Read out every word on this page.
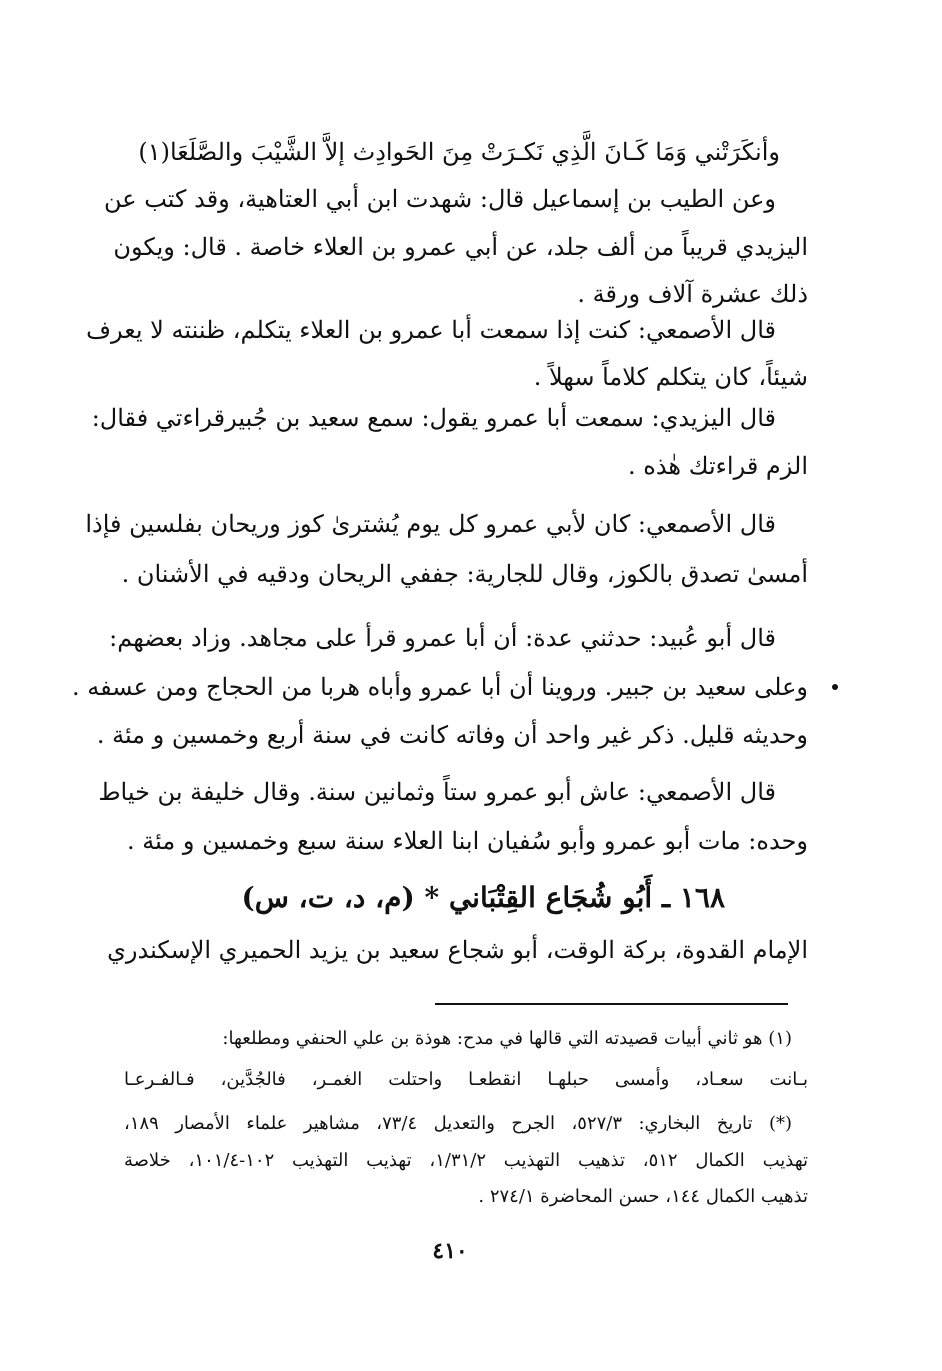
وأنكَرَتْني وَمَا كَـانَ الَّذِي نَكـرَتْ مِنَ الحَوادِث إلاَّ الشَّيْبَ والصَّلَعَا(١)
وعن الطيب بن إسماعيل قال: شهدت ابن أبي العتاهية، وقد كتب عن
اليزيدي قريباً من ألف جلد، عن أبي عمرو بن العلاء خاصة . قال: ويكون
ذلك عشرة آلاف ورقة .
قال الأصمعي: كنت إذا سمعت أبا عمرو بن العلاء يتكلم، ظننته لا يعرف
شيئاً، كان يتكلم كلاماً سهلاً .
قال اليزيدي: سمعت أبا عمرو يقول: سمع سعيد بن جُبيرقراءتي فقال:
الزم قراءتك هٰذه .
قال الأصمعي: كان لأبي عمرو كل يوم يُشترىٰ كوز وريحان بفلسين فإذا
أمسىٰ تصدق بالكوز، وقال للجارية: جففي الريحان ودقيه في الأشنان .
قال أبو عُبيد: حدثني عدة: أن أبا عمرو قرأ على مجاهد. وزاد بعضهم:
وعلى سعيد بن جبير. وروينا أن أبا عمرو وأباه هربا من الحجاج ومن عسفه .
وحديثه قليل. ذكر غير واحد أن وفاته كانت في سنة أربع وخمسين و مئة .
قال الأصمعي: عاش أبو عمرو ستاً وثمانين سنة. وقال خليفة بن خياط
وحده: مات أبو عمرو وأبو سُفيان ابنا العلاء سنة سبع وخمسين و مئة .
١٦٨ ـ أَبُو شُجَاع القِتْبَاني * (م، د، ت، س)
الإمام القدوة، بركة الوقت، أبو شجاع سعيد بن يزيد الحميري الإسكندري
(١) هو ثاني أبيات قصيدته التي قالها في مدح: هوذة بن علي الحنفي ومطلعها:
بـانت سعـاد، وأمسى حبلهـا انقطعـا واحتلت الغمـر، فالجُدَّين، فـالفـرعـا
(*) تاريخ البخاري: ٥٢٧/٣، الجرح والتعديل ٧٣/٤، مشاهير علماء الأمصار ١٨٩،
تهذيب الكمال ٥١٢، تذهيب التهذيب ١/٣١/٢، تهذيب التهذيب ١٠٢-١٠١/٤، خلاصة
تذهيب الكمال ١٤٤، حسن المحاضرة ٢٧٤/١ .
٤١٠
